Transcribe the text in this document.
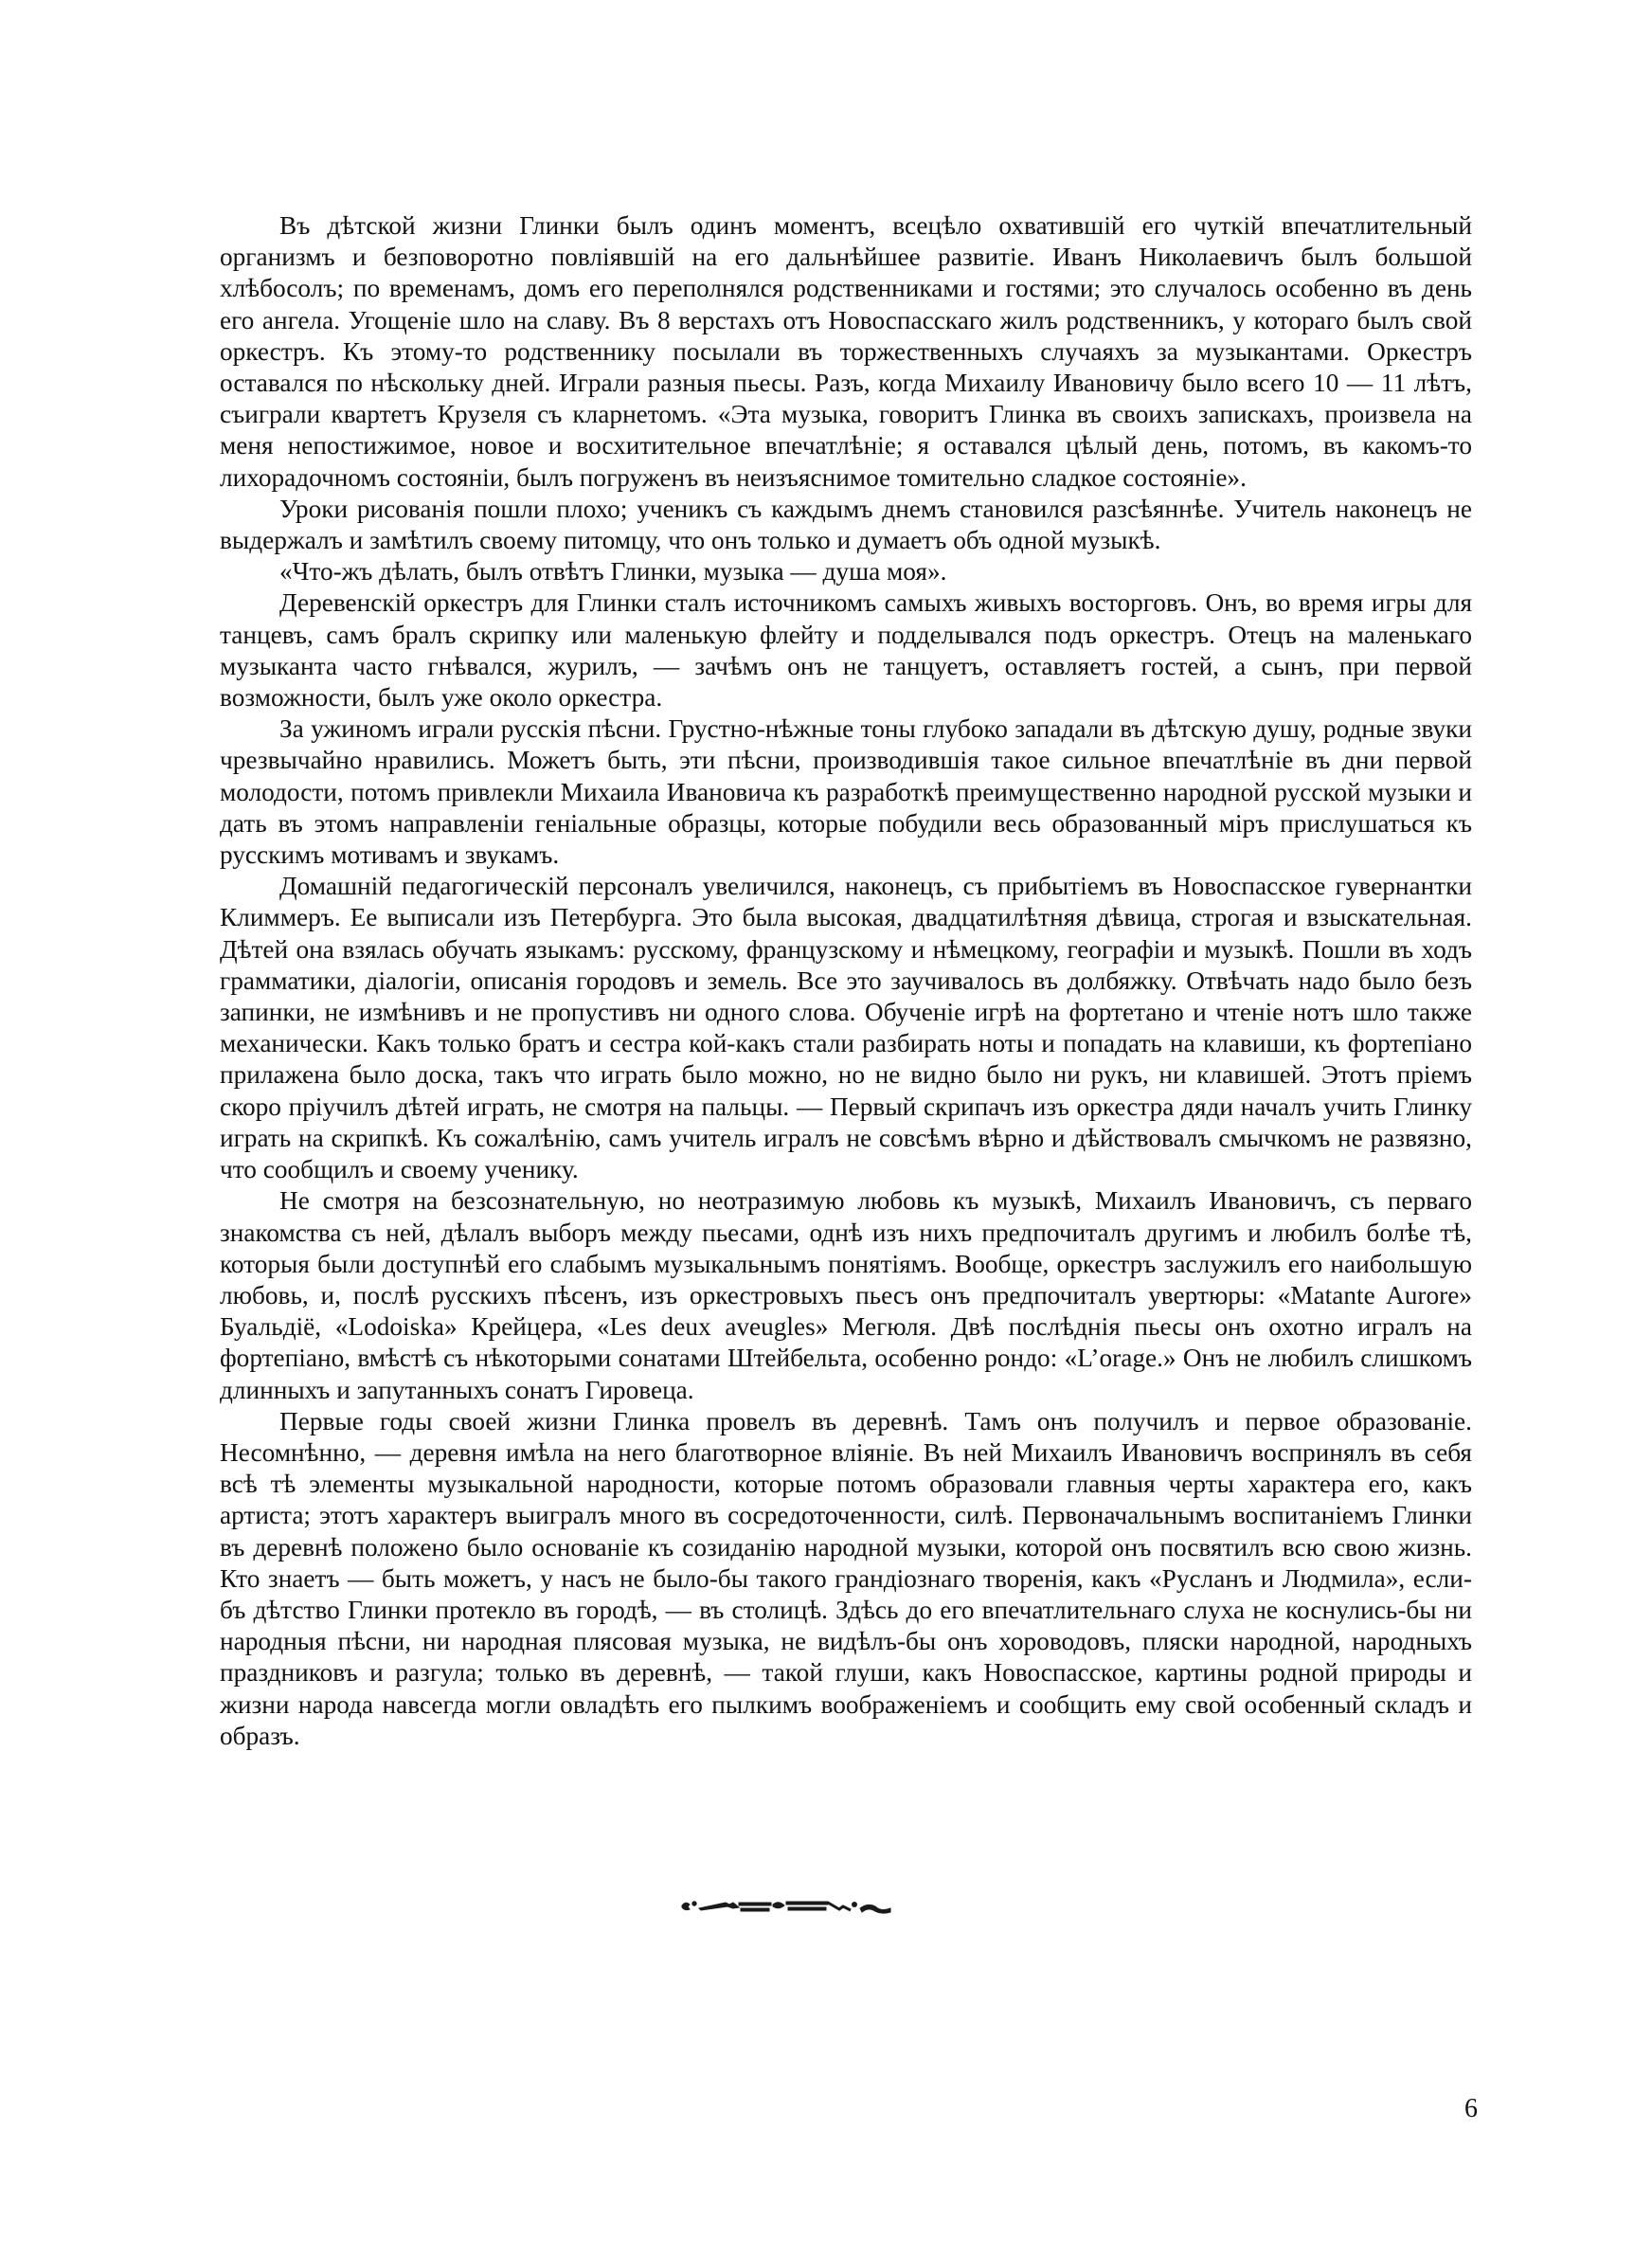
Въ дѣтской жизни Глинки былъ одинъ моментъ, всецѣло охватившій его чуткій впечатлительный организмъ и безповоротно повліявшій на его дальнѣйшее развитіе. Иванъ Николаевичъ былъ большой хлѣбосолъ; по временамъ, домъ его переполнялся родственниками и гостями; это случалось особенно въ день его ангела. Угощеніе шло на славу. Въ 8 верстахъ отъ Новоспасскаго жилъ родственникъ, у котораго былъ свой оркестръ. Къ этому-то родственнику посылали въ торжественныхъ случаяхъ за музыкантами. Оркестръ оставался по нѣскольку дней. Играли разныя пьесы. Разъ, когда Михаилу Ивановичу было всего 10 — 11 лѣтъ, съиграли квартетъ Крузеля съ кларнетомъ. «Эта музыка, говоритъ Глинка въ своихъ запискахъ, произвела на меня непостижимое, новое и восхитительное впечатлѣніе; я оставался цѣлый день, потомъ, въ какомъ-то лихорадочномъ состояніи, былъ погруженъ въ неизъяснимое томительно сладкое состояніе».

Уроки рисованія пошли плохо; ученикъ съ каждымъ днемъ становился разсѣяннѣе. Учитель наконецъ не выдержалъ и замѣтилъ своему питомцу, что онъ только и думаетъ объ одной музыкѣ.

«Что-жъ дѣлать, былъ отвѣтъ Глинки, музыка — душа моя».

Деревенскій оркестръ для Глинки сталъ источникомъ самыхъ живыхъ восторговъ. Онъ, во время игры для танцевъ, самъ бралъ скрипку или маленькую флейту и подделывался подъ оркестръ. Отецъ на маленькаго музыканта часто гнѣвался, журилъ, — зачѣмъ онъ не танцуетъ, оставляетъ гостей, а сынъ, при первой возможности, былъ уже около оркестра.

За ужиномъ играли русскія пѣсни. Грустно-нѣжные тоны глубоко западали въ дѣтскую душу, родные звуки чрезвычайно нравились. Можетъ быть, эти пѣсни, производившія такое сильное впечатлѣніе въ дни первой молодости, потомъ привлекли Михаила Ивановича къ разработкѣ преимущественно народной русской музыки и дать въ этомъ направленіи геніальные образцы, которые побудили весь образованный міръ прислушаться къ русскимъ мотивамъ и звукамъ.

Домашній педагогическій персоналъ увеличился, наконецъ, съ прибытіемъ въ Новоспасское гувернантки Климмеръ. Ее выписали изъ Петербурга. Это была высокая, двадцатилѣтняя дѣвица, строгая и взыскательная. Дѣтей она взялась обучать языкамъ: русскому, французскому и нѣмецкому, географіи и музыкѣ. Пошли въ ходъ грамматики, діалогіи, описанія городовъ и земель. Все это заучивалось въ долбяжку. Отвѣчать надо было безъ запинки, не измѣнивъ и не пропустивъ ни одного слова. Обученіе игрѣ на фортетано и чтеніе нотъ шло также механически. Какъ только братъ и сестра кой-какъ стали разбирать ноты и попадать на клавиши, къ фортепіано прилажена было доска, такъ что играть было можно, но не видно было ни рукъ, ни клавишей. Этотъ пріемъ скоро пріучилъ дѣтей играть, не смотря на пальцы. — Первый скрипачъ изъ оркестра дяди началъ учить Глинку играть на скрипкѣ. Къ сожалѣнію, самъ учитель игралъ не совсѣмъ вѣрно и дѣйствовалъ смычкомъ не развязно, что сообщилъ и своему ученику.

Не смотря на безсознательную, но неотразимую любовь къ музыкѣ, Михаилъ Ивановичъ, съ перваго знакомства съ ней, дѣлалъ выборъ между пьесами, однѣ изъ нихъ предпочиталъ другимъ и любилъ болѣе тѣ, которыя были доступнѣй его слабымъ музыкальнымъ понятіямъ. Вообще, оркестръ заслужилъ его наибольшую любовь, и, послѣ русскихъ пѣсенъ, изъ оркестровыхъ пьесъ онъ предпочиталъ увертюры: «Matante Aurore» Буальдіё, «Lodoiska» Крейцера, «Les deux aveugles» Мегюля. Двѣ послѣднія пьесы онъ охотно игралъ на фортепіано, вмѣстѣ съ нѣкоторыми сонатами Штейбельта, особенно рондо: «L’orage.» Онъ не любилъ слишкомъ длинныхъ и запутанныхъ сонатъ Гировеца.

Первые годы своей жизни Глинка провелъ въ деревнѣ. Тамъ онъ получилъ и первое образованіе. Несомнѣнно, — деревня имѣла на него благотворное вліяніе. Въ ней Михаилъ Ивановичъ воспринялъ въ себя всѣ тѣ элементы музыкальной народности, которые потомъ образовали главныя черты характера его, какъ артиста; этотъ характеръ выигралъ много въ сосредоточенности, силѣ. Первоначальнымъ воспитаніемъ Глинки въ деревнѣ положено было основаніе къ созиданію народной музыки, которой онъ посвятилъ всю свою жизнь. Кто знаетъ — быть можетъ, у насъ не было-бы такого грандіознаго творенія, какъ «Русланъ и Людмила», если-бъ дѣтство Глинки протекло въ городѣ, — въ столицѣ. Здѣсь до его впечатлительнаго слуха не коснулись-бы ни народныя пѣсни, ни народная плясовая музыка, не видѣлъ-бы онъ хороводовъ, пляски народной, народныхъ праздниковъ и разгула; только въ деревнѣ, — такой глуши, какъ Новоспасское, картины родной природы и жизни народа навсегда могли овладѣть его пылкимъ воображеніемъ и сообщить ему свой особенный складъ и образъ.

6
